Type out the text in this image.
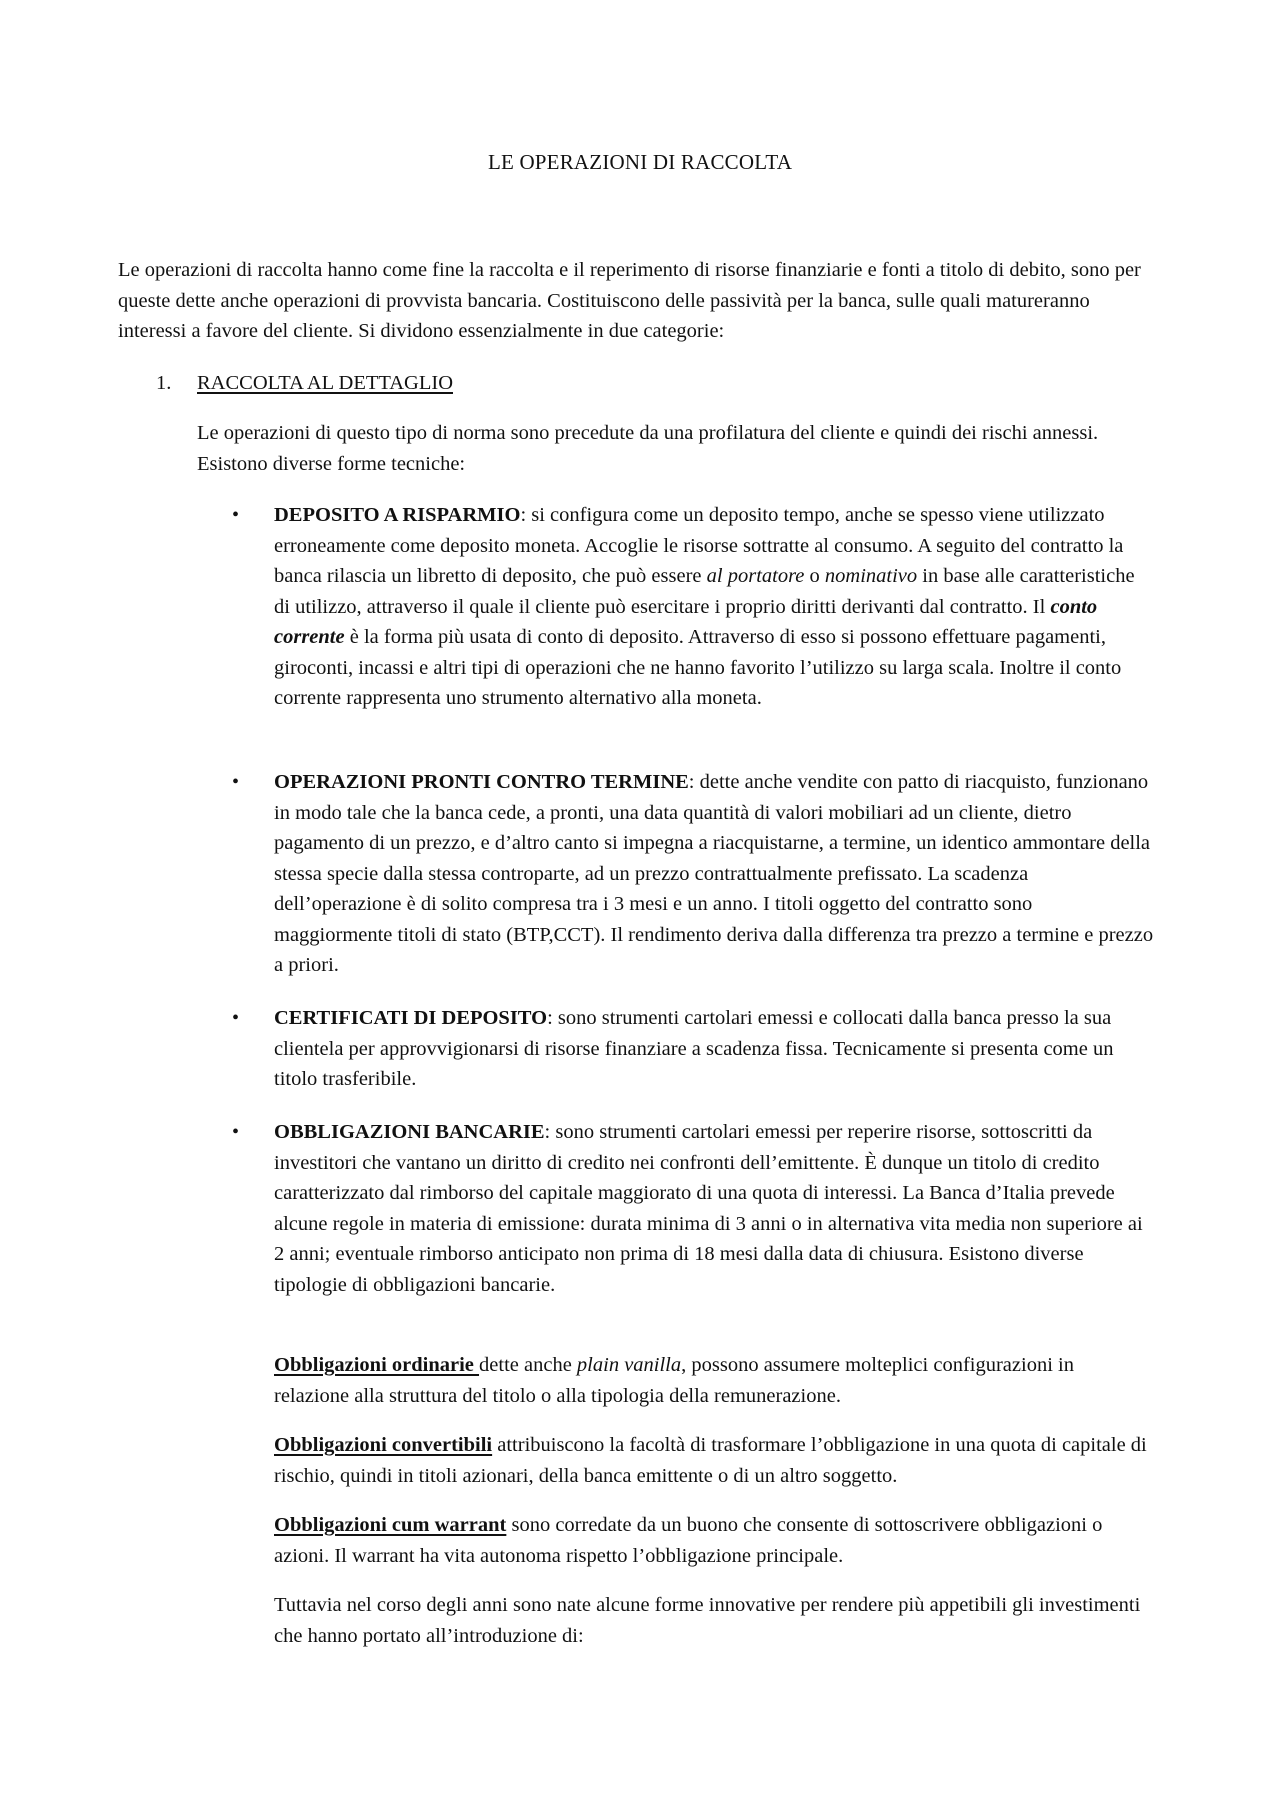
LE OPERAZIONI DI RACCOLTA

Le operazioni di raccolta hanno come fine la raccolta e il reperimento di risorse finanziarie e fonti a titolo di debito, sono per queste dette anche operazioni di provvista bancaria. Costituiscono delle passività per la banca, sulle quali matureranno interessi a favore del cliente. Si dividono essenzialmente in due categorie:

1. RACCOLTA AL DETTAGLIO

Le operazioni di questo tipo di norma sono precedute da una profilatura del cliente e quindi dei rischi annessi. Esistono diverse forme tecniche:

• DEPOSITO A RISPARMIO: si configura come un deposito tempo, anche se spesso viene utilizzato erroneamente come deposito moneta. Accoglie le risorse sottratte al consumo. A seguito del contratto la banca rilascia un libretto di deposito, che può essere al portatore o nominativo in base alle caratteristiche di utilizzo, attraverso il quale il cliente può esercitare i proprio diritti derivanti dal contratto. Il conto corrente è la forma più usata di conto di deposito. Attraverso di esso si possono effettuare pagamenti, giroconti, incassi e altri tipi di operazioni che ne hanno favorito l’utilizzo su larga scala. Inoltre il conto corrente rappresenta uno strumento alternativo alla moneta.

• OPERAZIONI PRONTI CONTRO TERMINE: dette anche vendite con patto di riacquisto, funzionano in modo tale che la banca cede, a pronti, una data quantità di valori mobiliari ad un cliente, dietro pagamento di un prezzo, e d’altro canto si impegna a riacquistarne, a termine, un identico ammontare della stessa specie dalla stessa controparte, ad un prezzo contrattualmente prefissato. La scadenza dell’operazione è di solito compresa tra i 3 mesi e un anno. I titoli oggetto del contratto sono maggiormente titoli di stato (BTP,CCT). Il rendimento deriva dalla differenza tra prezzo a termine e prezzo a priori.

• CERTIFICATI DI DEPOSITO: sono strumenti cartolari emessi e collocati dalla banca presso la sua clientela per approvvigionarsi di risorse finanziare a scadenza fissa. Tecnicamente si presenta come un titolo trasferibile.

• OBBLIGAZIONI BANCARIE: sono strumenti cartolari emessi per reperire risorse, sottoscritti da investitori che vantano un diritto di credito nei confronti dell’emittente. È dunque un titolo di credito caratterizzato dal rimborso del capitale maggiorato di una quota di interessi. La Banca d’Italia prevede alcune regole in materia di emissione: durata minima di 3 anni o in alternativa vita media non superiore ai 2 anni; eventuale rimborso anticipato non prima di 18 mesi dalla data di chiusura. Esistono diverse tipologie di obbligazioni bancarie.

Obbligazioni ordinarie dette anche plain vanilla, possono assumere molteplici configurazioni in relazione alla struttura del titolo o alla tipologia della remunerazione.

Obbligazioni convertibili attribuiscono la facoltà di trasformare l’obbligazione in una quota di capitale di rischio, quindi in titoli azionari, della banca emittente o di un altro soggetto.

Obbligazioni cum warrant sono corredate da un buono che consente di sottoscrivere obbligazioni o azioni. Il warrant ha vita autonoma rispetto l’obbligazione principale.

Tuttavia nel corso degli anni sono nate alcune forme innovative per rendere più appetibili gli investimenti che hanno portato all’introduzione di:
